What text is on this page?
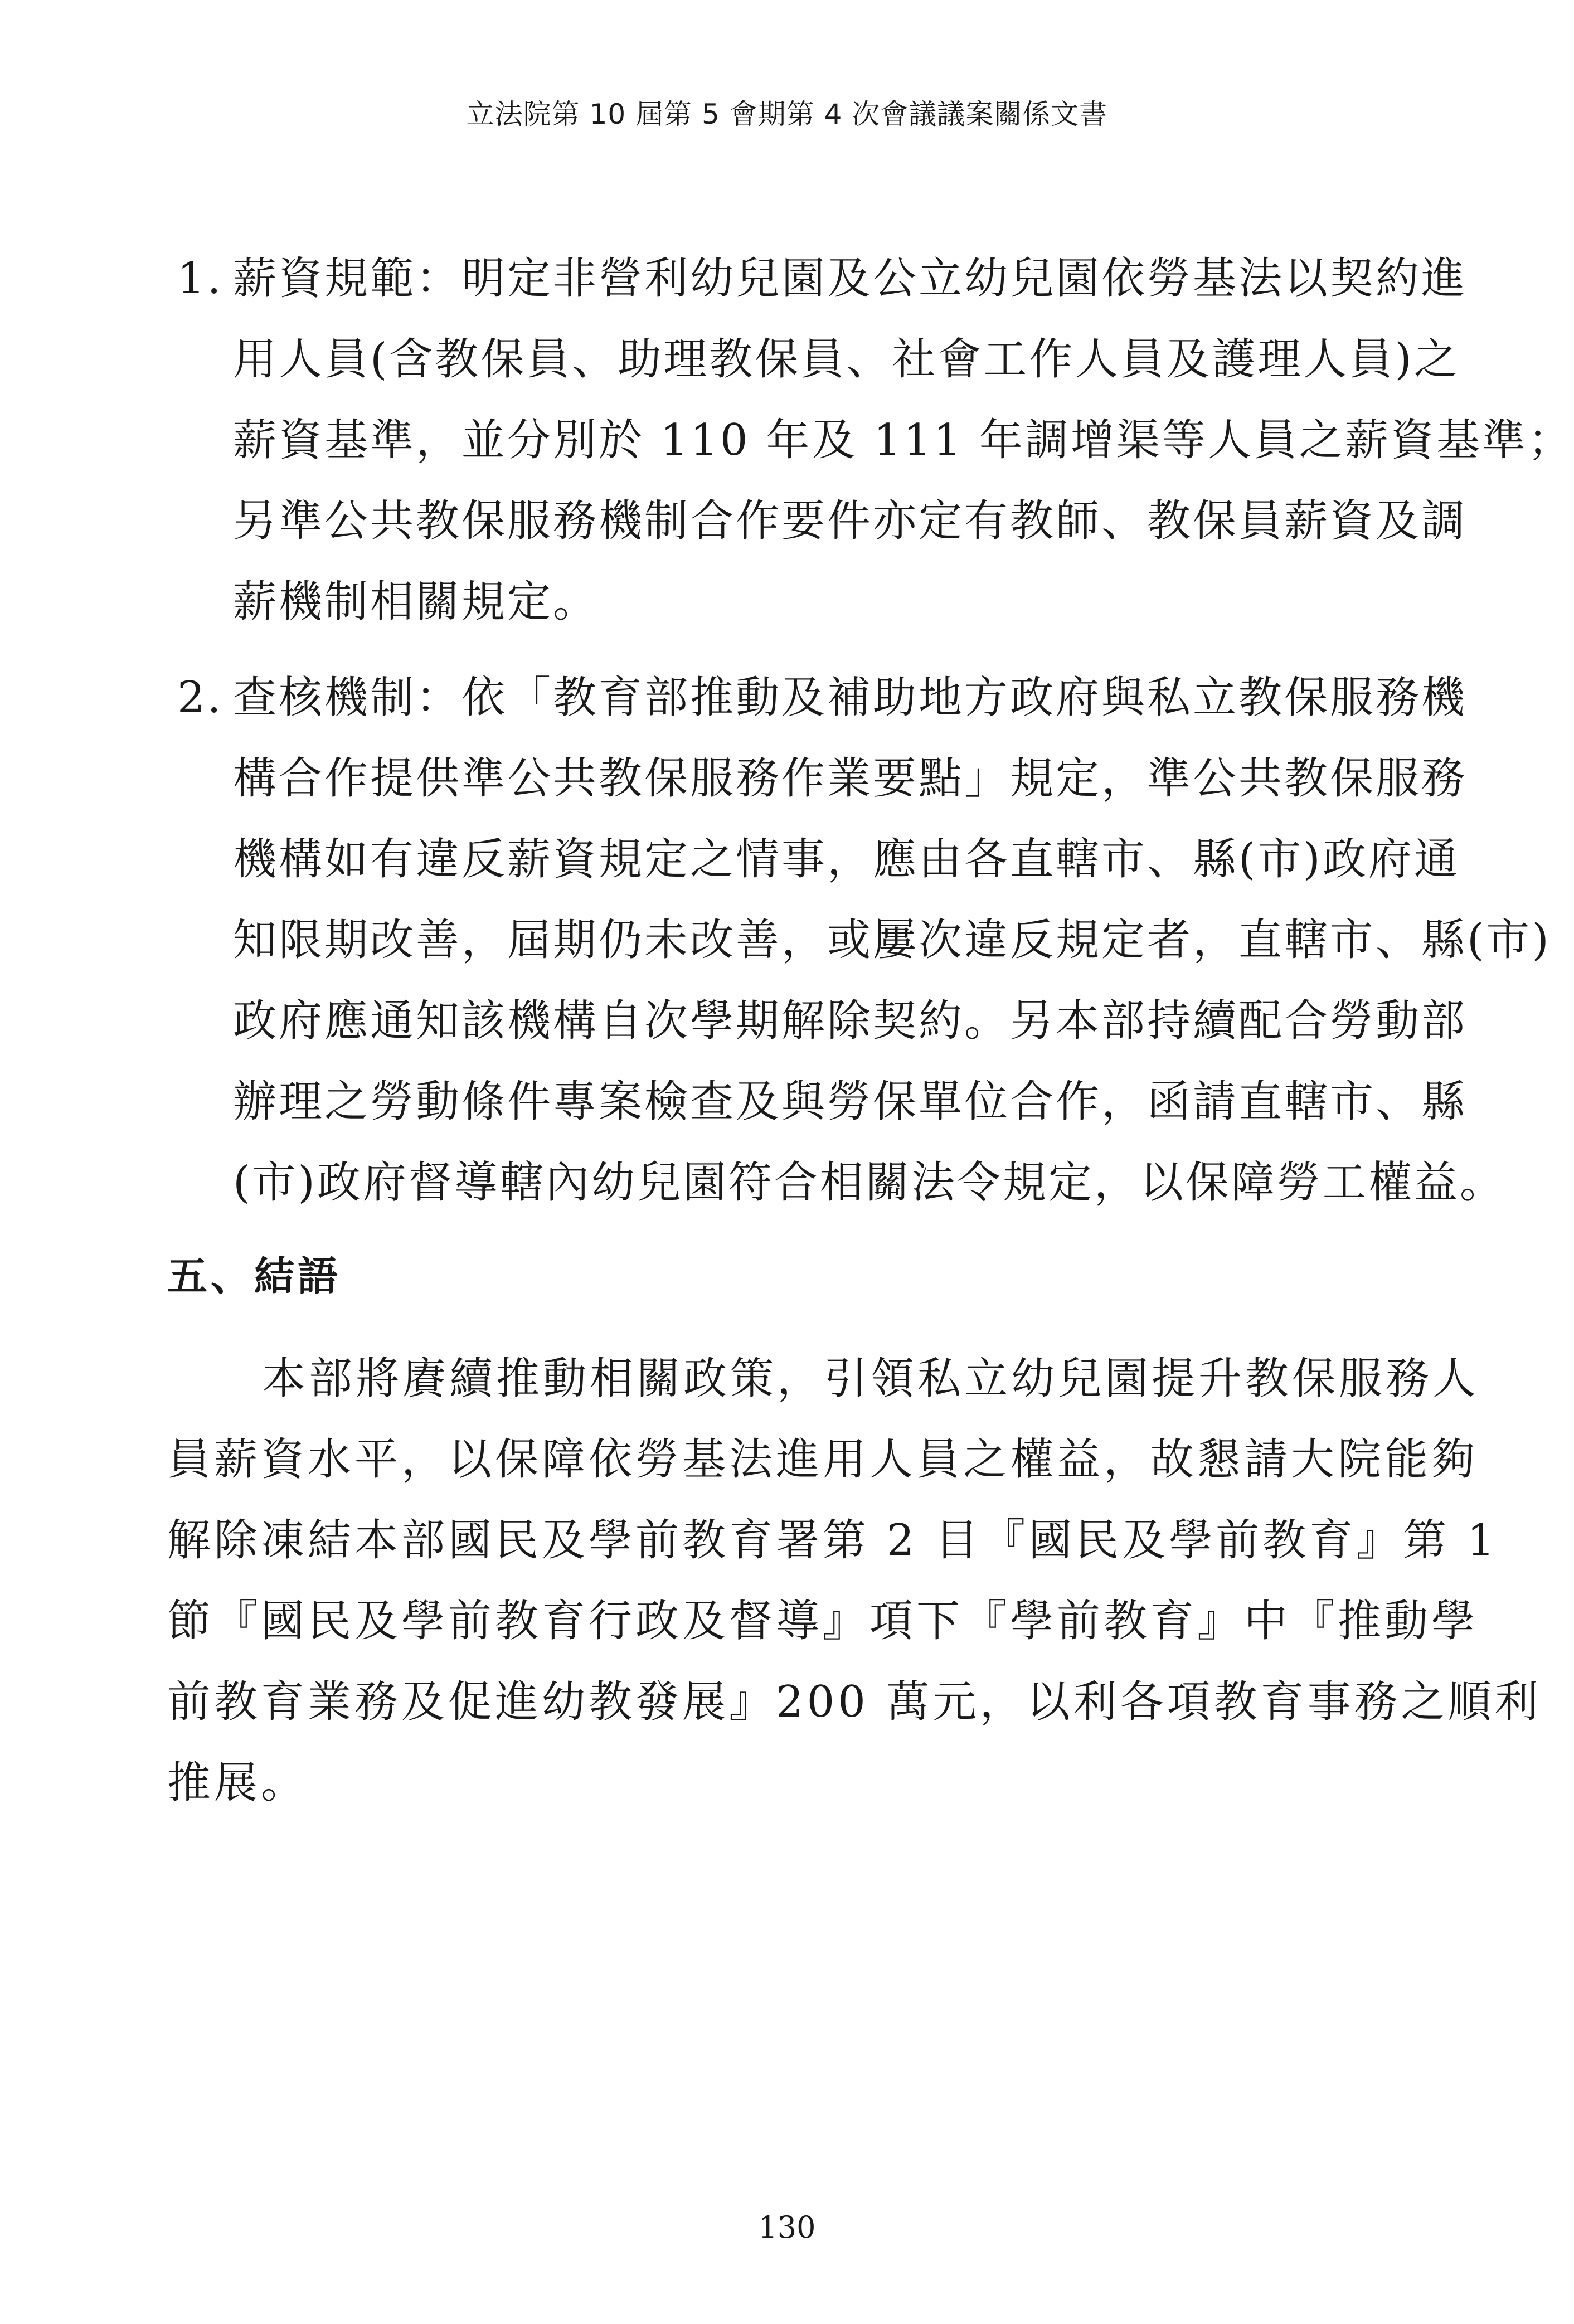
立法院第 10 屆第 5 會期第 4 次會議議案關係文書
1. 薪資規範：明定非營利幼兒園及公立幼兒園依勞基法以契約進
用人員(含教保員、助理教保員、社會工作人員及護理人員)之
薪資基準，並分別於 110 年及 111 年調增渠等人員之薪資基準；
另準公共教保服務機制合作要件亦定有教師、教保員薪資及調
薪機制相關規定。
2. 查核機制：依「教育部推動及補助地方政府與私立教保服務機
構合作提供準公共教保服務作業要點」規定，準公共教保服務
機構如有違反薪資規定之情事，應由各直轄市、縣(市)政府通
知限期改善，屆期仍未改善，或屢次違反規定者，直轄市、縣(市)
政府應通知該機構自次學期解除契約。另本部持續配合勞動部
辦理之勞動條件專案檢查及與勞保單位合作，函請直轄市、縣
(市)政府督導轄內幼兒園符合相關法令規定，以保障勞工權益。
五、結語
本部將賡續推動相關政策，引領私立幼兒園提升教保服務人
員薪資水平，以保障依勞基法進用人員之權益，故懇請大院能夠
解除凍結本部國民及學前教育署第 2 目『國民及學前教育』第 1
節『國民及學前教育行政及督導』項下『學前教育』中『推動學
前教育業務及促進幼教發展』200 萬元，以利各項教育事務之順利
推展。
130
